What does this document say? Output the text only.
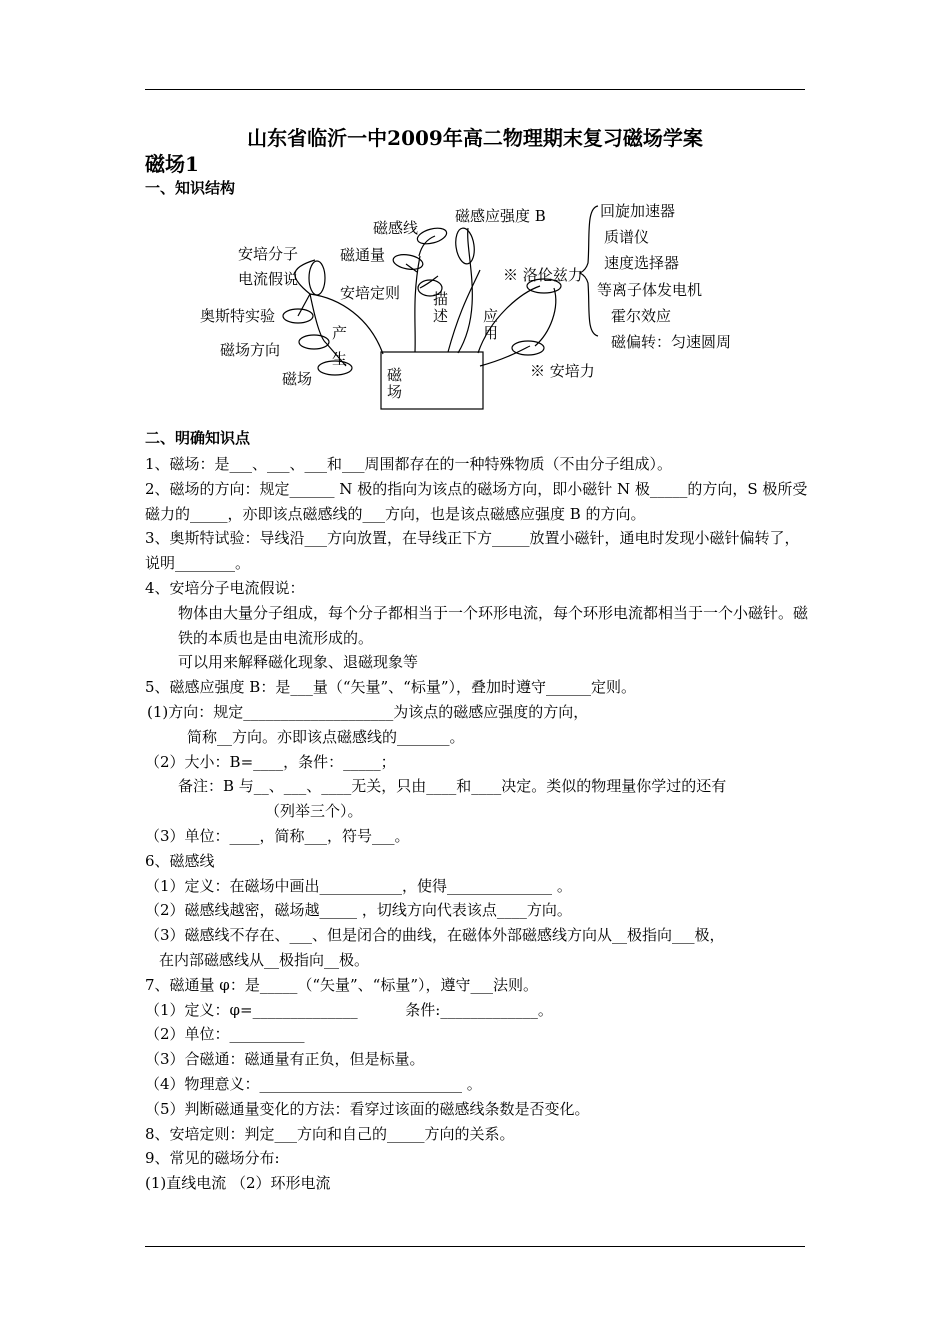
山东省临沂一中2009年高二物理期末复习磁场学案
磁场1
一、知识结构
磁感线
磁感应强度 B
安培分子
电流假说
磁通量
安培定则
奥斯特实验
磁场方向
磁场
产生
描述 应用
磁场
※ 洛伦兹力
※ 安培力
回旋加速器
质谱仪
速度选择器
等离子体发电机
霍尔效应
磁偏转：匀速圆周
二、明确知识点

1、磁场：是___、___、___和___周围都存在的一种特殊物质（不由分子组成）。

2、磁场的方向：规定______ N 极的指向为该点的磁场方向，即小磁针 N 极_____的方向，S 极所受磁力的_____，亦即该点磁感线的___方向，也是该点磁感应强度 B 的方向。

3、奥斯特试验：导线沿___方向放置，在导线正下方_____放置小磁针，通电时发现小磁针偏转了，说明________。

4、安培分子电流假说：

物体由大量分子组成，每个分子都相当于一个环形电流，每个环形电流都相当于一个小磁针。磁铁的本质也是由电流形成的。

可以用来解释磁化现象、退磁现象等

5、磁感应强度 B：是___量（“矢量”、“标量”），叠加时遵守______定则。

(1)方向：规定____________________为该点的磁感应强度的方向，

简称__方向。亦即该点磁感线的_______。

（2）大小：B=____，条件：_____；

备注：B 与__、___、____无关，只由____和____决定。类似的物理量你学过的还有

（列举三个）。

（3）单位：____，简称___，符号___。

6、磁感线

（1）定义：在磁场中画出___________，使得______________ 。

（2）磁感线越密，磁场越_____ ，切线方向代表该点____方向。

（3）磁感线不存在、___、但是闭合的曲线，在磁体外部磁感线方向从__极指向___极，

在内部磁感线从__极指向__极。

7、磁通量 φ：是_____（“矢量”、“标量”），遵守___法则。

（1）定义：φ=______________          条件:_____________。

（2）单位：__________

（3）合磁通：磁通量有正负，但是标量。

（4）物理意义：___________________________ 。

（5）判断磁通量变化的方法：看穿过该面的磁感线条数是否变化。

8、安培定则：判定___方向和自己的_____方向的关系。

9、常见的磁场分布:

(1)直线电流 （2）环形电流
